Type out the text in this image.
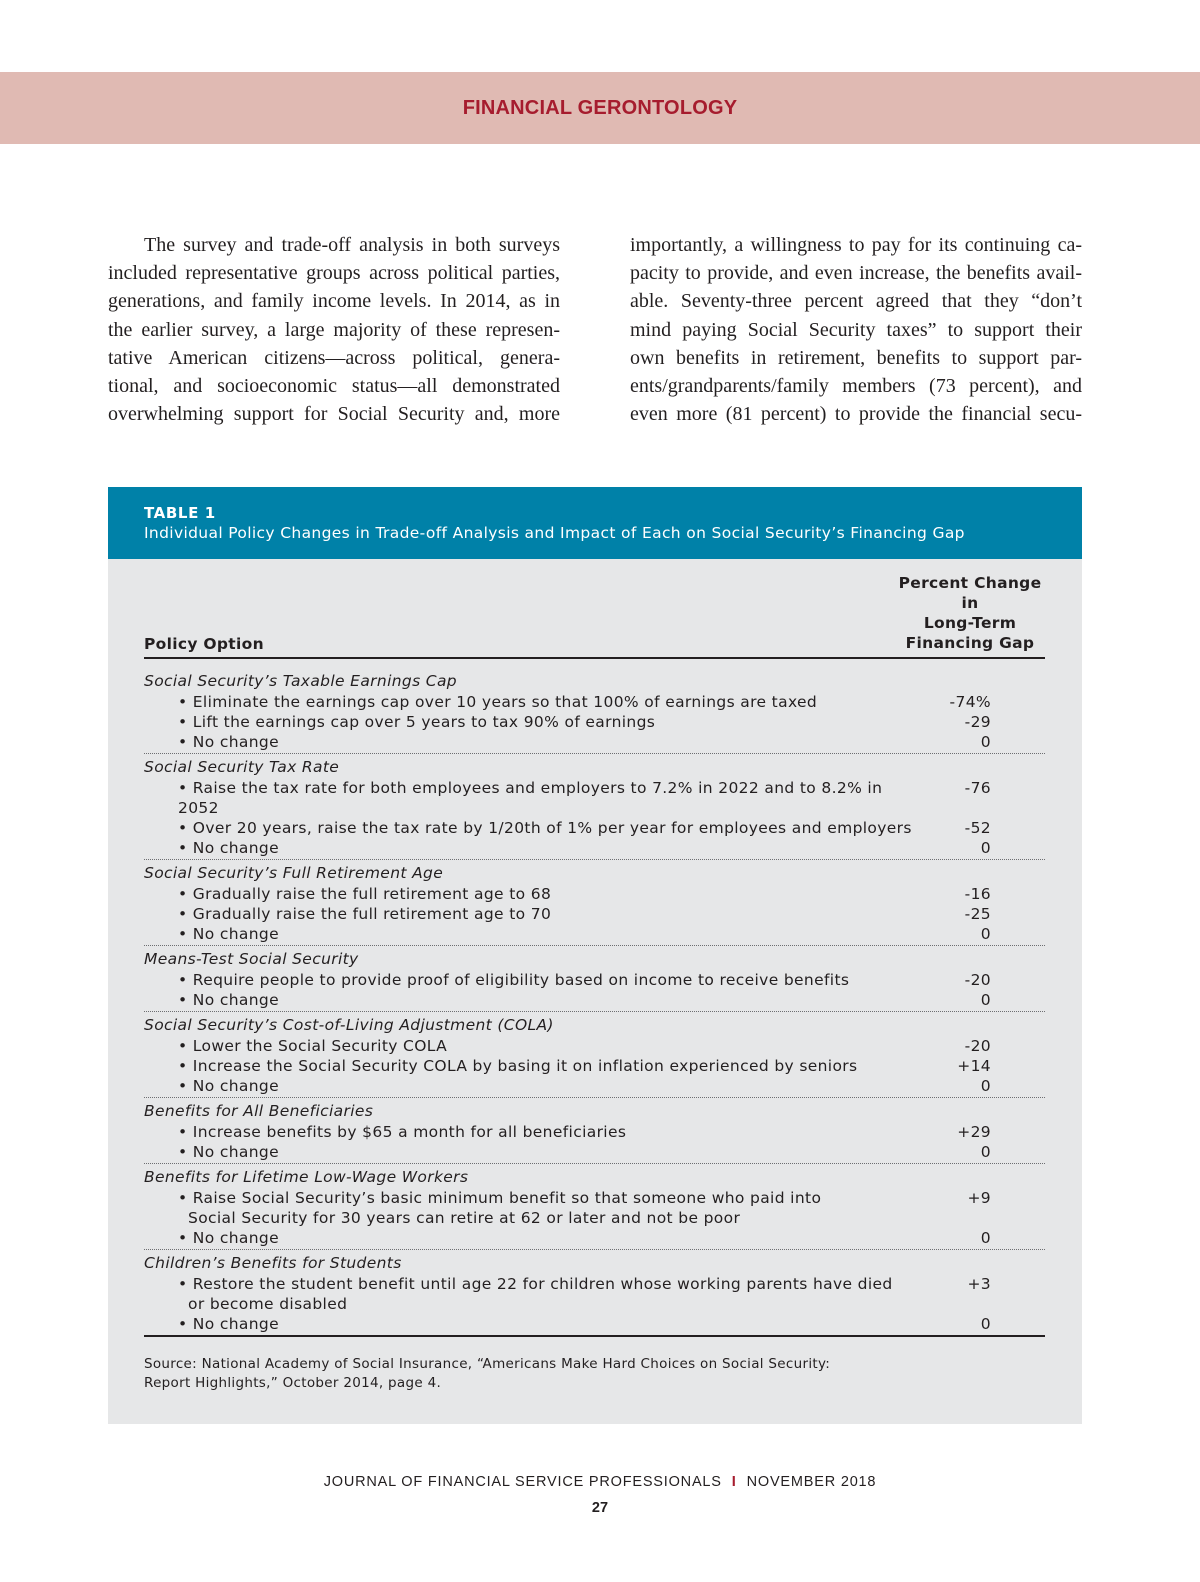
FINANCIAL GERONTOLOGY
The survey and trade-off analysis in both surveys
included representative groups across political parties,
generations, and family income levels. In 2014, as in
the earlier survey, a large majority of these represen-
tative American citizens—across political, genera-
tional, and socioeconomic status—all demonstrated
overwhelming support for Social Security and, more
importantly, a willingness to pay for its continuing ca-
pacity to provide, and even increase, the benefits avail-
able. Seventy-three percent agreed that they “don’t
mind paying Social Security taxes” to support their
own benefits in retirement, benefits to support par-
ents/grandparents/family members (73 percent), and
even more (81 percent) to provide the financial secu-
TABLE 1
Individual Policy Changes in Trade-off Analysis and Impact of Each on Social Security’s Financing Gap
Policy Option
Percent Change in
Long-Term
Financing Gap
Social Security’s Taxable Earnings Cap
• Eliminate the earnings cap over 10 years so that 100% of earnings are taxed	-74%
• Lift the earnings cap over 5 years to tax 90% of earnings	-29
• No change	0
Social Security Tax Rate
• Raise the tax rate for both employees and employers to 7.2% in 2022 and to 8.2% in 2052
-76
• Over 20 years, raise the tax rate by 1/20th of 1% per year for employees and employers	-52
• No change	0
Social Security’s Full Retirement Age
• Gradually raise the full retirement age to 68	-16
• Gradually raise the full retirement age to 70	-25
• No change	0
Means-Test Social Security
• Require people to provide proof of eligibility based on income to receive benefits	-20
• No change	0
Social Security’s Cost-of-Living Adjustment (COLA)
• Lower the Social Security COLA	-20
• Increase the Social Security COLA by basing it on inflation experienced by seniors	+14
• No change	0
Benefits for All Beneficiaries
• Increase benefits by $65 a month for all beneficiaries	+29
• No change	0
Benefits for Lifetime Low-Wage Workers
• Raise Social Security’s basic minimum benefit so that someone who paid into
Social Security for 30 years can retire at 62 or later and not be poor
+9
• No change	0
Children’s Benefits for Students
• Restore the student benefit until age 22 for children whose working parents have died
or become disabled
+3
• No change	0
Source: National Academy of Social Insurance, “Americans Make Hard Choices on Social Security:
Report Highlights,” October 2014, page 4.
JOURNAL OF FINANCIAL SERVICE PROFESSIONALS I NOVEMBER 2018
27
